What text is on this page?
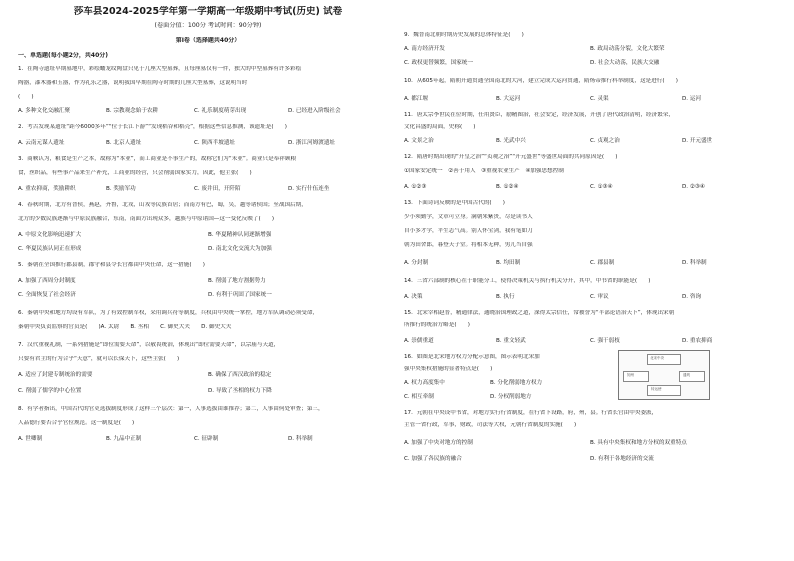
莎车县2024-2025学年第一学期高一年级期中考试(历史) 试卷
(卷面分值：100分 考试时间：90分钟)
第Ⅰ卷（选择题共40分）
一、单选题(每小题2分，共40分)
1．在陶寺遗址早期墓地中，彩绘蟠龙纹陶盘只见于几座大型墓葬，且每座墓仅有一件，独大的中型墓葬有许多彩绘
陶器，漆木器和玉器，作为礼乐之器，说明我国早期在陶寺时期的几座大型墓葬，这说明当时
(　　)
A. 多种文化交融汇聚	B. 宗教观念始于农耕	C. 礼乐制度萌芽出现	D. 已经进入阶级社会
2．考古发现某遗址“距今6000多年”“位于长江下游”“发现稻谷和稻壳”，根据这些信息推测，该遗址是(　　)
A. 云南元谋人遗址	B. 北京人遗址	C. 陕西半坡遗址	D. 浙江河姆渡遗址
3．商鞅认为，粮食是生产之本，故称为“本业”，而工商业是不事生产的，故称它们为“末业”。商业只是奉祥顾粮
食，丝织品，有些事产品来生产补充，工商业的经营，只会削弱国家实力，因此，他主张(　　)
A. 重农抑商，奖励耕织	B. 奖励军功	C. 废井田，开阡陌	D. 实行什伍连坐
4．春秋时期，北方有晋侯，燕赵，齐鲁，北戎，山戎等民族首居；而南方有巴，蜀，吴，越等诸侯国；至战国后期，
北方的少数民族逐渐与中原民族融合，东南，南面方出现众多，越族与中原诸国—这一变化反映了(　　)
A. 中原文化影响迅速扩大	B. 华夏精神认同逐渐增强
C. 华夏民族认同正在形成	D. 南北文化交流大为加强
5．秦朝在全国推行郡县制，郡守和县令长官都由中央任命，这一措施(　　)
A. 加强了西周分封制度	B. 削弱了地方割据势力
C. 全面恢复了社会经济	D. 有利于巩固了国家统一
6．秦朝中央和地方均设有军队，为了有效控制军权，采用调兵符等制度，兵权由中央统一掌控，地方军队调动必须受命，
秦朝中央负责监察的官员是(　　)A. 太尉　　B. 丞相　　C. 御史大夫　　D. 御史大夫
7．汉代重视礼制，一系列措施是“即位需要天命”，以敬畏统治，体现出“即位需要天命”，以宗庙与天道，
只要有君主的行为合乎“天意”，就可以长保天下，这些主张(　　)
A. 适应了封建专制统治的需要	B. 确保了西汉政治的稳定
C. 削弱了儒学的中心位置	D. 导致了丞相的权力下降
8．有学者指出，中国古代的官吏选拔制度形成了这样三个层次：第一，人事选拔由谁推荐；第二，人事由何处审查；第三，
人品德行要否合乎官位规范。这一制度是(　　)
A. 世卿制	B. 九品中正制	C. 征辟制	D. 科举制
9．魏晋南北朝时期历史发展的总体特征是(　　)
A. 南方经济开发	B. 政局动荡分裂，文化大繁荣
C. 政权更替频繁，国家统一	D. 社会大动荡，民族大交融
10．从605年起，隋朝开通贯通全国南北的大河，建立完成大运河贯通，隋炀帝推行科举制度，这是进行(　　)
A. 都江堰	B. 大运河	C. 灵渠	D. 运河
11．唐太宗李世民在位时期，任用贤臣，励精图治，社会安定，经济发展，开创了唐代政治清明，经济繁荣，
文化昌盛的局面，史称(　　)
A. 文景之治	B. 光武中兴	C. 贞观之治	D. 开元盛世
12．隋唐时期出现的“开皇之治”“贞观之治”“开元盛世”等盛世局面的共同原因是(　　)
①国家安定统一　②善于用人　③重视农业生产　④加强思想控制
A. ①②③	B. ①②④	C. ①③④	D. ②③④
13．下面诗词反映的是中国古代的(　　)
少小须勤学，文章可立身。满朝朱紫贵，尽是读书人
自小多才学，平生志气高。别人怀宝剑，我有笔如刀
朝为田舍郎，暮登天子堂。将相本无种，男儿当自强
A. 分封制	B. 均田制	C. 郡县制	D. 科举制
14．三省六部制的核心在于职能分工，使得决策机关与执行机关分开，其中，中书省的职能是(　　)
A. 决策	B. 执行	C. 审议	D. 咨询
15．北宋宰相赵普，精通律法，通晓治国理政之道，深得太宗信任，常被誉为“半部论语治天下”，体现出宋朝
所推行的统治方略是(　　)
A. 崇儒重道	B. 重文轻武	C. 强干弱枝	D. 重农抑商
16．如图是北宋地方权力分配示意图，图示表明北宋加
强中央集权措施的显著特点是(　　)
A. 权力高度集中	B. 分化削弱地方权力
C. 相互牵制	D. 分权削弱地方
北宋中央
知州	通判
转运使
17．元朝在中央设中书省，对地方实行行省制度，在行省下设路，府，州，县。行省长官由中央委派，
主管一省行政，军事，财政，司法等大权，元朝行省制度的实施(　　)
A. 加强了中央对地方的控制	B. 具有中央集权和地方分权的双重特点
C. 加强了各民族的融合	D. 有利于各地经济的交流
